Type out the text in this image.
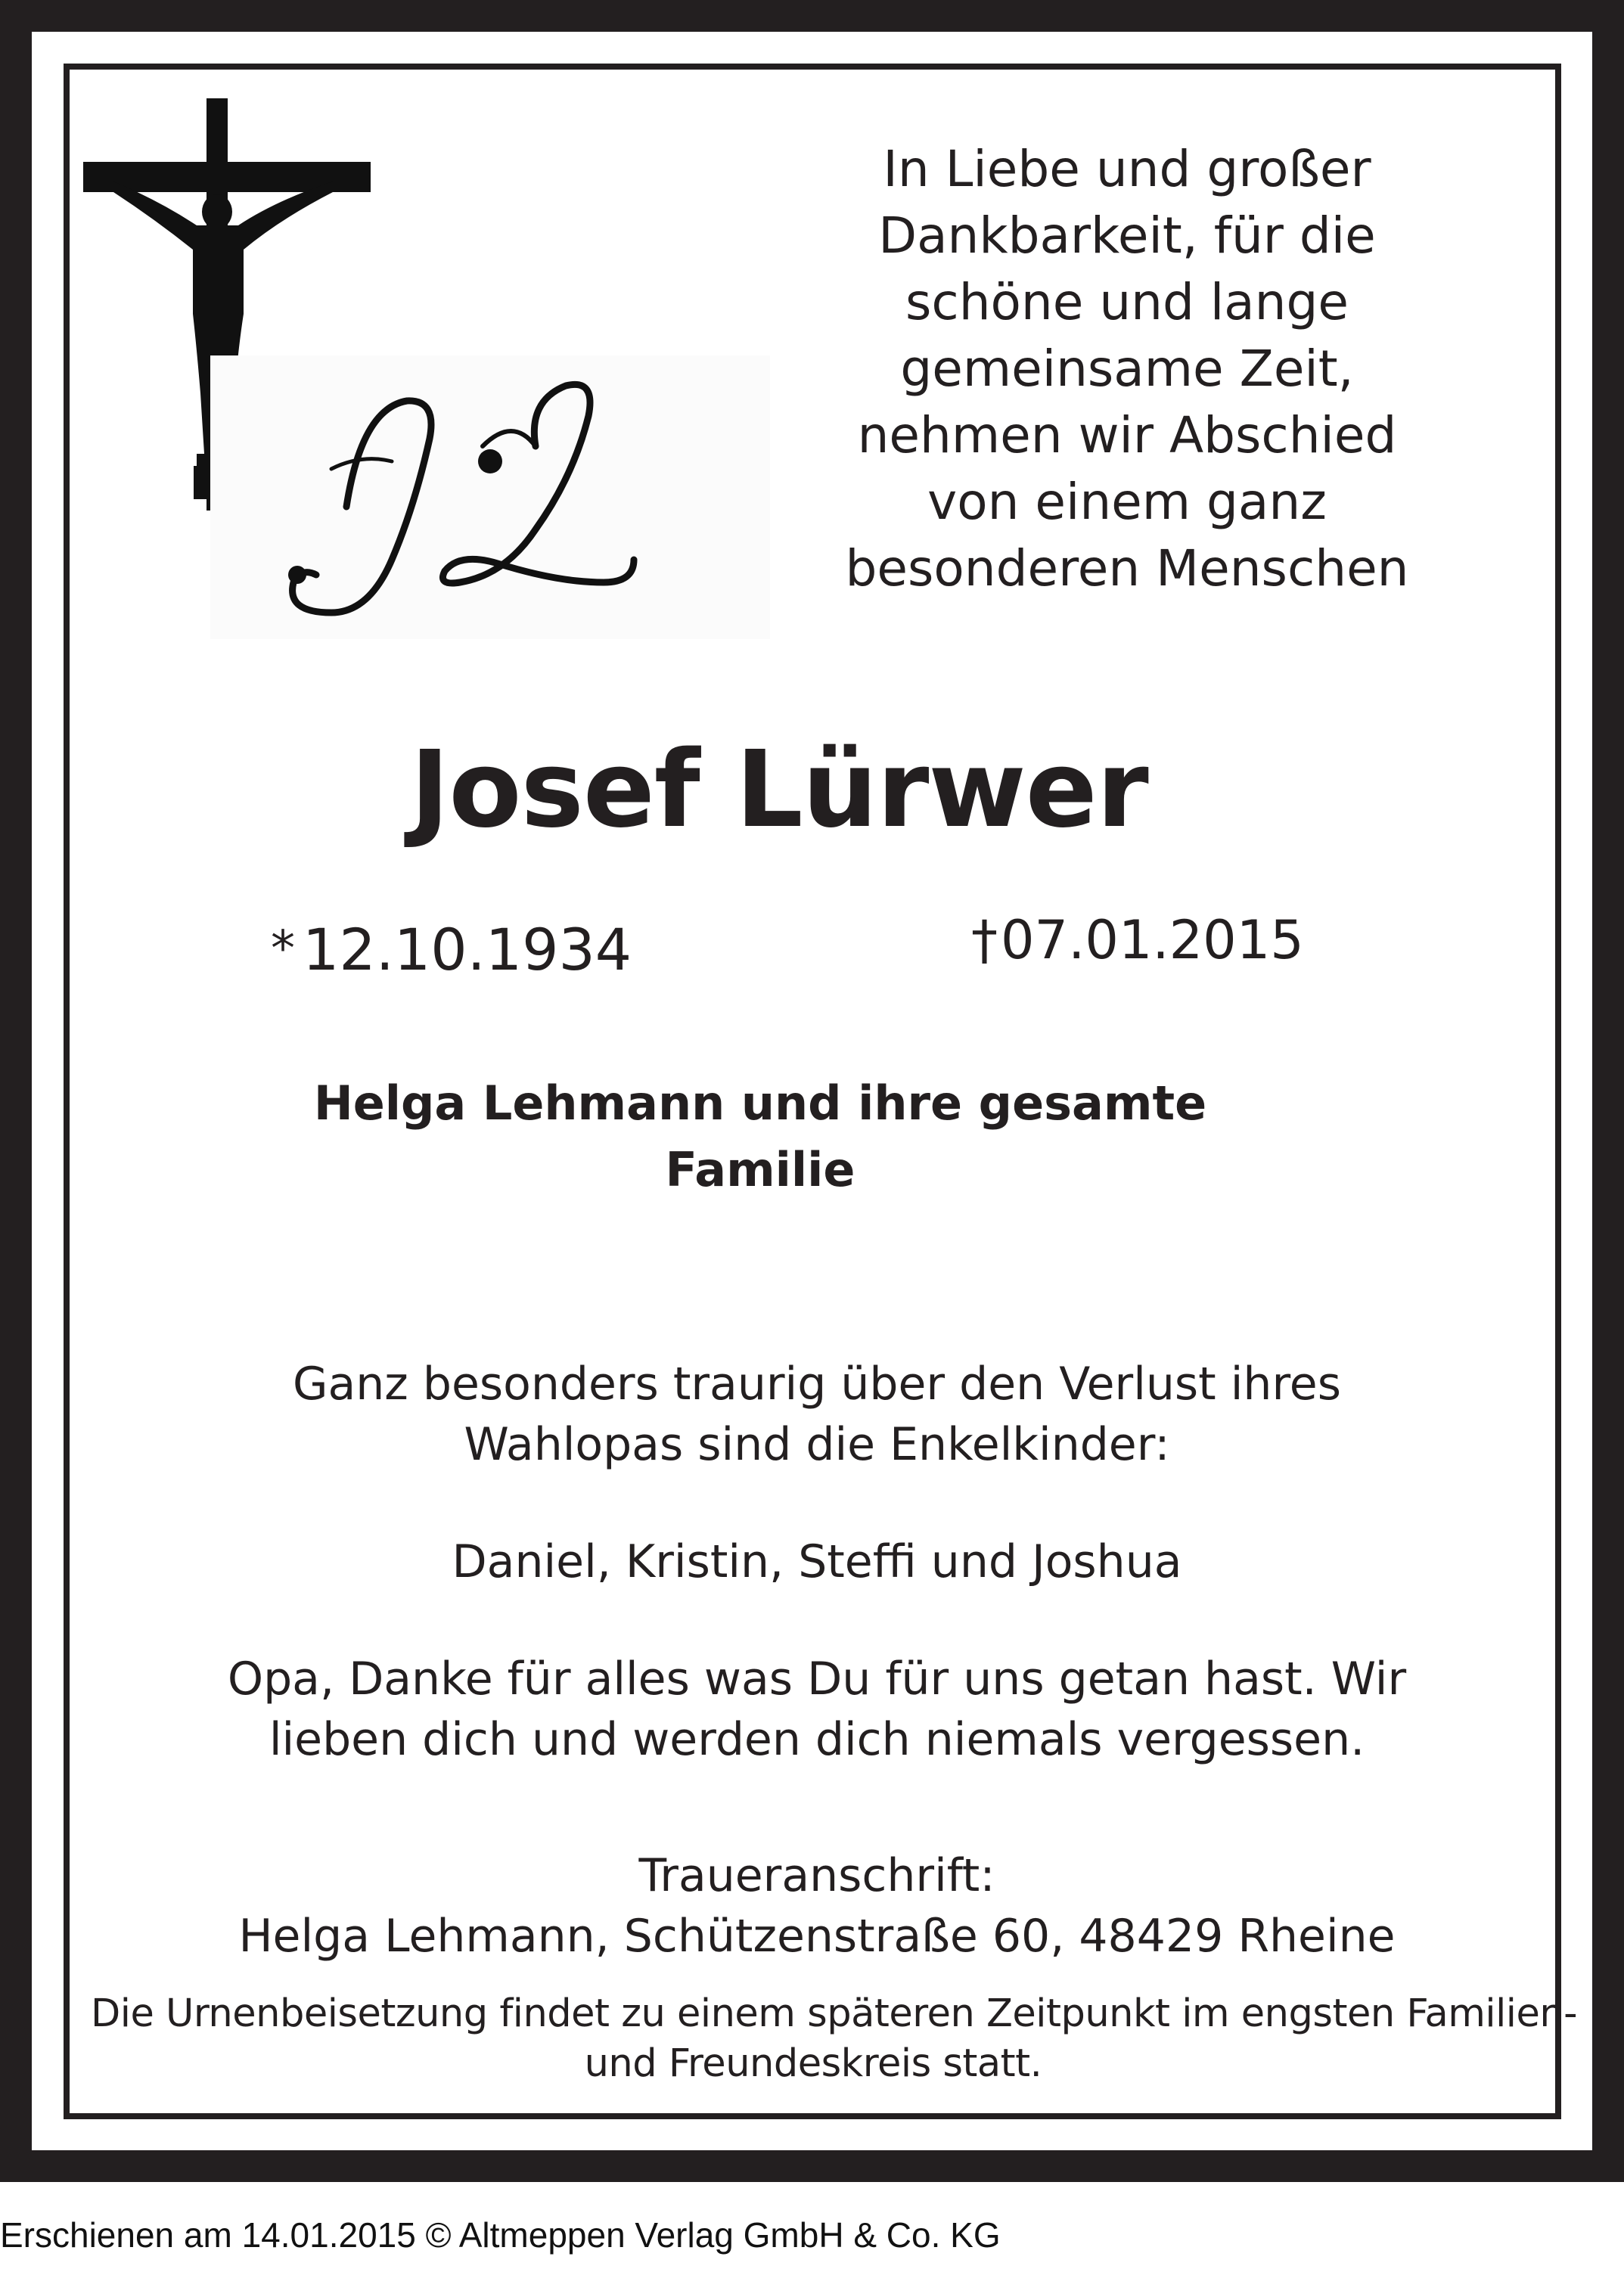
In Liebe und großer
Dankbarkeit, für die
schöne und lange
gemeinsame Zeit,
nehmen wir Abschied
von einem ganz
besonderen Menschen
Josef Lürwer
* 12.10.1934	†07.01.2015
Helga Lehmann und ihre gesamte
Familie
Ganz besonders traurig über den Verlust ihres
Wahlopas sind die Enkelkinder:
Daniel, Kristin, Steffi und Joshua
Opa, Danke für alles was Du für uns getan hast. Wir
lieben dich und werden dich niemals vergessen.
Traueranschrift:
Helga Lehmann, Schützenstraße 60, 48429 Rheine
Die Urnenbeisetzung findet zu einem späteren Zeitpunkt im engsten Familien-
und Freundeskreis statt.
Erschienen am 14.01.2015 © Altmeppen Verlag GmbH & Co. KG
